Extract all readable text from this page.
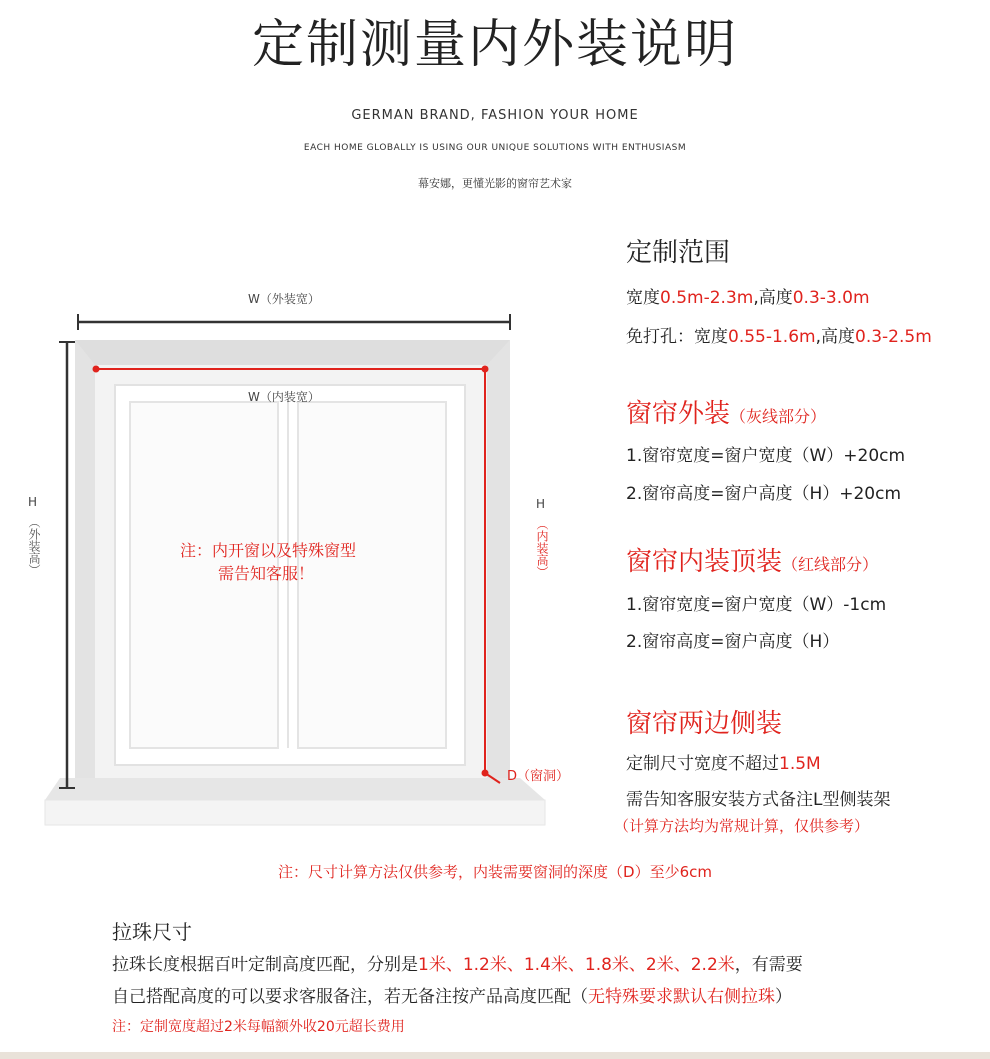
定制测量内外装说明
GERMAN BRAND, FASHION YOUR HOME
EACH HOME GLOBALLY IS USING OUR UNIQUE SOLUTIONS WITH ENTHUSIASM
幕安娜，更懂光影的窗帘艺术家
W（外装宽）
W（内装宽）
H
（外装高）
H
（内装高）
D（窗洞）
注：内开窗以及特殊窗型
需告知客服！
定制范围
宽度0.5m-2.3m,高度0.3-3.0m
免打孔：宽度0.55-1.6m,高度0.3-2.5m
窗帘外装（灰线部分）
1.窗帘宽度=窗户宽度（W）+20cm
2.窗帘高度=窗户高度（H）+20cm
窗帘内装顶装（红线部分）
1.窗帘宽度=窗户宽度（W）-1cm
2.窗帘高度=窗户高度（H）
窗帘两边侧装
定制尺寸宽度不超过1.5M
需告知客服安装方式备注L型侧装架
（计算方法均为常规计算，仅供参考）
注：尺寸计算方法仅供参考，内装需要窗洞的深度（D）至少6cm
拉珠尺寸
拉珠长度根据百叶定制高度匹配，分别是1米、1.2米、1.4米、1.8米、2米、2.2米，有需要
自己搭配高度的可以要求客服备注，若无备注按产品高度匹配（无特殊要求默认右侧拉珠）
注：定制宽度超过2米每幅额外收20元超长费用
